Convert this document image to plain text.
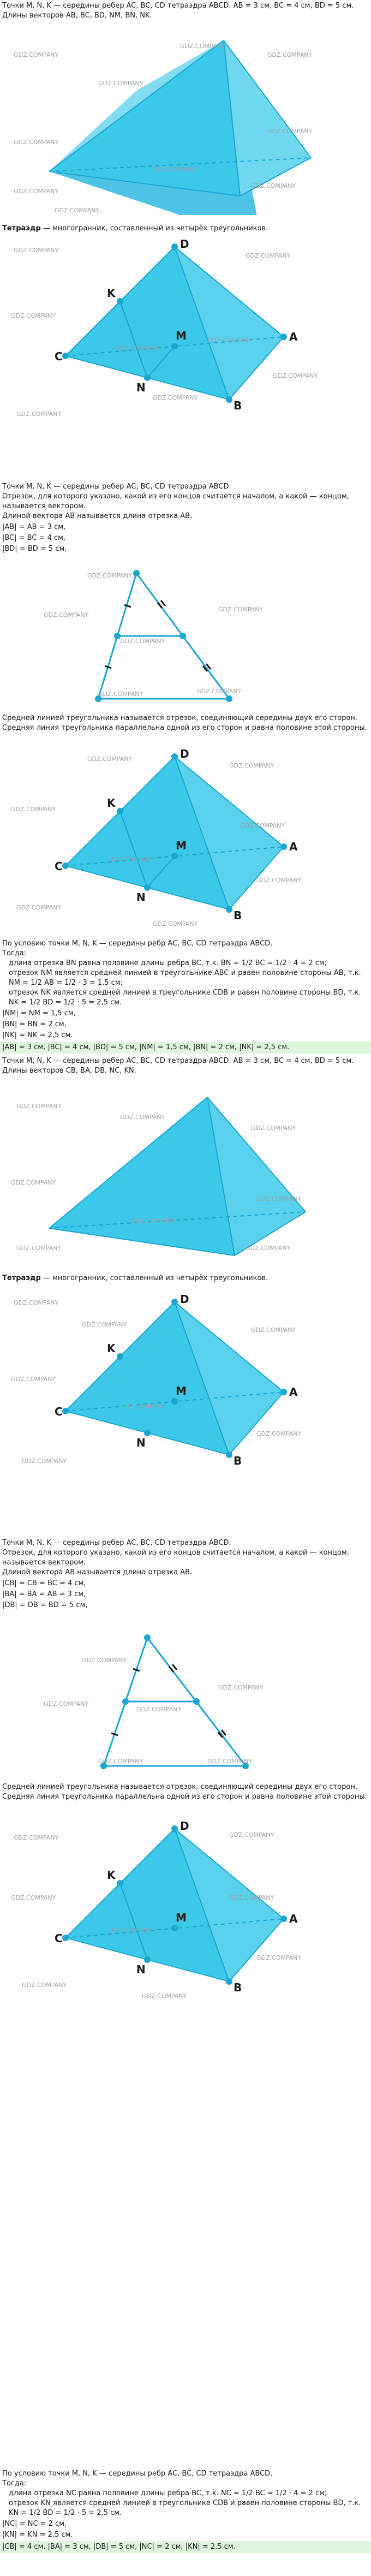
Точки M, N, K — середины ребер AC, BC, CD тетраэдра ABCD. AB = 3 см, BC = 4 см, BD = 5 см.

Длины векторов AB, BC, BD, NM, BN, NK.

GDZ.COMPANY
GDZ.COMPANY
GDZ.COMPANY
GDZ.COMPANY
GDZ.COMPANY
GDZ.COMPANY
GDZ.COMPANY
GDZ.COMPANY
GDZ.COMPANY
GDZ.COMPANY

Тетраэдр — многогранник, составленный из четырёх треугольников.

C
D
A
B
K
N
M
GDZ.COMPANY
GDZ.COMPANY
GDZ.COMPANY
GDZ.COMPANY
GDZ.COMPANY
GDZ.COMPANY
GDZ.COMPANY
GDZ.COMPANY

Точки M, N, K — середины ребер AC, BC, CD тетраэдра ABCD.

Отрезок, для которого указано, какой из его концов считается началом, а какой — концом, называется вектором.

Длиной вектора AB называется длина отрезка AB.

|AB| = AB = 3 см,

|BC| = BC = 4 см,

|BD| = BD = 5 см,

GDZ.COMPANY
GDZ.COMPANY
GDZ.COMPANY
GDZ.COMPANY
GDZ.COMPANY
GDZ.COMPANY

Средней линией треугольника называется отрезок, соединяющий середины двух его сторон. Средняя линия треугольника параллельна одной из его сторон и равна половине этой стороны.

C
D
A
B
K
N
M
GDZ.COMPANY
GDZ.COMPANY
GDZ.COMPANY
GDZ.COMPANY
GDZ.COMPANY
GDZ.COMPANY
GDZ.COMPANY
GDZ.COMPANY

По условию точки M, N, K — середины ребр AC, BC, CD тетраэдра ABCD.

Тогда:

длина отрезка BN равна половине длины ребра BC, т.к. BN = 1/2 BC = 1/2 · 4 = 2 см;

отрезок NM является средней линией в треугольнике ABC и равен половине стороны AB, т.к. NM = 1/2 AB = 1/2 · 3 = 1,5 см;

отрезок NK является средней линией в треугольнике CDB и равен половине стороны BD, т.к. NK = 1/2 BD = 1/2 · 5 = 2,5 см.

|NM| = NM = 1,5 см,

|BN| = BN = 2 см,

|NK| = NK = 2,5 см.

|AB| = 3 см, |BC| = 4 см, |BD| = 5 см, |NM| = 1,5 см, |BN| = 2 см, |NK| = 2,5 см.

Точки M, N, K — середины ребер AC, BC, CD тетраэдра ABCD. AB = 3 см, BC = 4 см, BD = 5 см.

Длины векторов CB, BA, DB, NC, KN.

GDZ.COMPANY
GDZ.COMPANY
GDZ.COMPANY
GDZ.COMPANY
GDZ.COMPANY
GDZ.COMPANY
GDZ.COMPANY	GDZ.COMPANY

Тетраэдр — многогранник, составленный из четырёх треугольников.

C
D
A
B
K
N
M
GDZ.COMPANY
GDZ.COMPANY
GDZ.COMPANY
GDZ.COMPANY
GDZ.COMPANY
GDZ.COMPANY
GDZ.COMPANY

Точки M, N, K — середины ребер AC, BC, CD тетраэдра ABCD.

Отрезок, для которого указано, какой из его концов считается началом, а какой — концом, называется вектором.

Длиной вектора AB называется длина отрезка AB.

|CB| = CB = BC = 4 см,

|BA| = BA = AB = 3 см,

|DB| = DB = BD = 5 см,

GDZ.COMPANY
GDZ.COMPANY
GDZ.COMPANY
GDZ.COMPANY
GDZ.COMPANY	GDZ.COMPANY

Средней линией треугольника называется отрезок, соединяющий середины двух его сторон. Средняя линия треугольника параллельна одной из его сторон и равна половине этой стороны.

C
D
A
B
K
N
M
GDZ.COMPANY	GDZ.COMPANY
GDZ.COMPANY	GDZ.COMPANY
GDZ.COMPANY
GDZ.COMPANY
GDZ.COMPANY
GDZ.COMPANY

По условию точки M, N, K — середины ребр AC, BC, CD тетраэдра ABCD.

Тогда:

длина отрезка NC равна половине длины ребра BC, т.к. NC = 1/2 BC = 1/2 · 4 = 2 см;

отрезок KN является средней линией в треугольнике CDB и равен половине стороны BD, т.к. KN = 1/2 BD = 1/2 · 5 = 2,5 см.

|NC| = NC = 2 см,

|KN| = KN = 2,5 см.

|CB| = 4 см, |BA| = 3 см, |DB| = 5 см, |NC| = 2 см, |KN| = 2,5 см.
